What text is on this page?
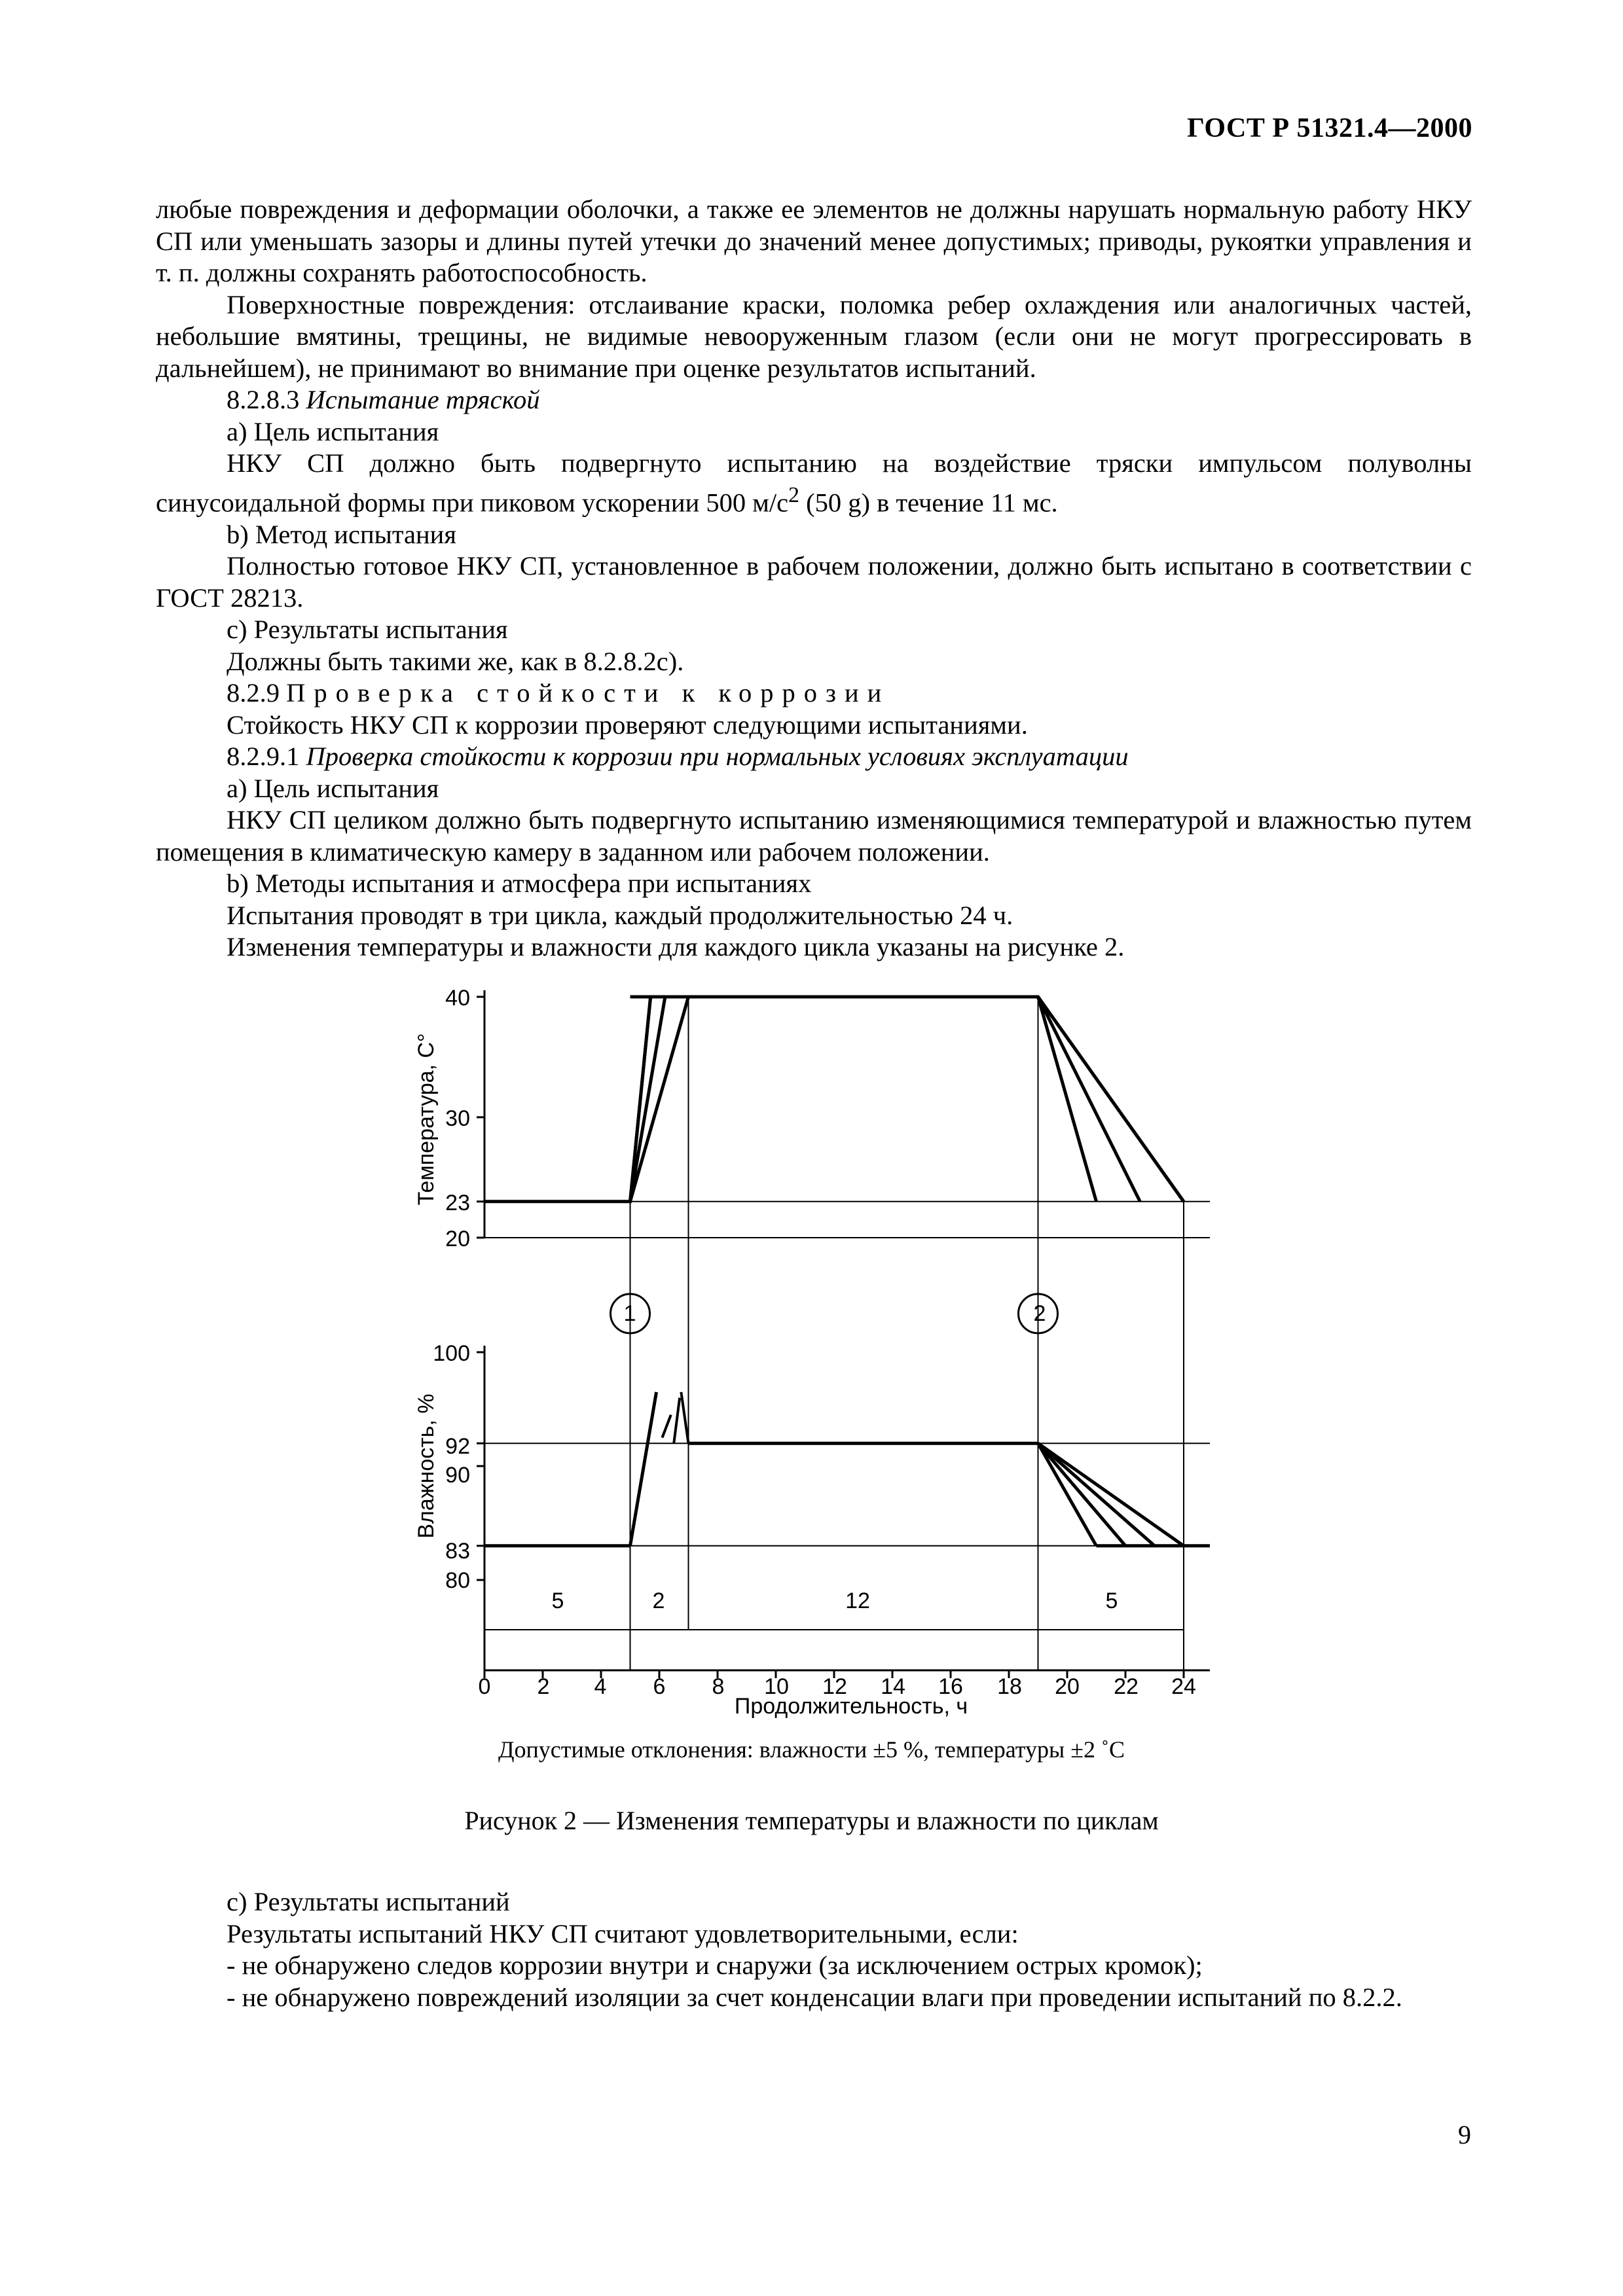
ГОСТ Р 51321.4—2000

любые повреждения и деформации оболочки, а также ее элементов не должны нарушать нормальную работу НКУ СП или уменьшать зазоры и длины путей утечки до значений менее допустимых; приводы, рукоятки управления и т. п. должны сохранять работоспособность.

Поверхностные повреждения: отслаивание краски, поломка ребер охлаждения или аналогичных частей, небольшие вмятины, трещины, не видимые невооруженным глазом (если они не могут прогрессировать в дальнейшем), не принимают во внимание при оценке результатов испытаний.

8.2.8.3 Испытание тряской

а) Цель испытания

НКУ СП должно быть подвергнуто испытанию на воздействие тряски импульсом полуволны синусоидальной формы при пиковом ускорении 500 $м/с^2$ (50 g) в течение 11 мс.

b) Метод испытания

Полностью готовое НКУ СП, установленное в рабочем положении, должно быть испытано в соответствии с ГОСТ 28213.

c) Результаты испытания

Должны быть такими же, как в 8.2.8.2c).

8.2.9 Проверка стойкости к коррозии

Стойкость НКУ СП к коррозии проверяют следующими испытаниями.

8.2.9.1 Проверка стойкости к коррозии при нормальных условиях эксплуатации

а) Цель испытания

НКУ СП целиком должно быть подвергнуто испытанию изменяющимися температурой и влажностью путем помещения в климатическую камеру в заданном или рабочем положении.

b) Методы испытания и атмосфера при испытаниях

Испытания проводят в три цикла, каждый продолжительностью 24 ч.

Изменения температуры и влажности для каждого цикла указаны на рисунке 2.

40
30
23
20
100
92
90
83
80
Температура, С°
Влажность, %
Продолжительность, ч
1	2
5	2	12	5
0 2 4 6 8 10 12 14 16 18 20 22 24
Допустимые отклонения: влажности ±5 %, температуры ±2 ˚С
Рисунок 2 — Изменения температуры и влажности по циклам

c) Результаты испытаний

Результаты испытаний НКУ СП считают удовлетворительными, если:

- не обнаружено следов коррозии внутри и снаружи (за исключением острых кромок);

- не обнаружено повреждений изоляции за счет конденсации влаги при проведении испытаний по 8.2.2.

9
